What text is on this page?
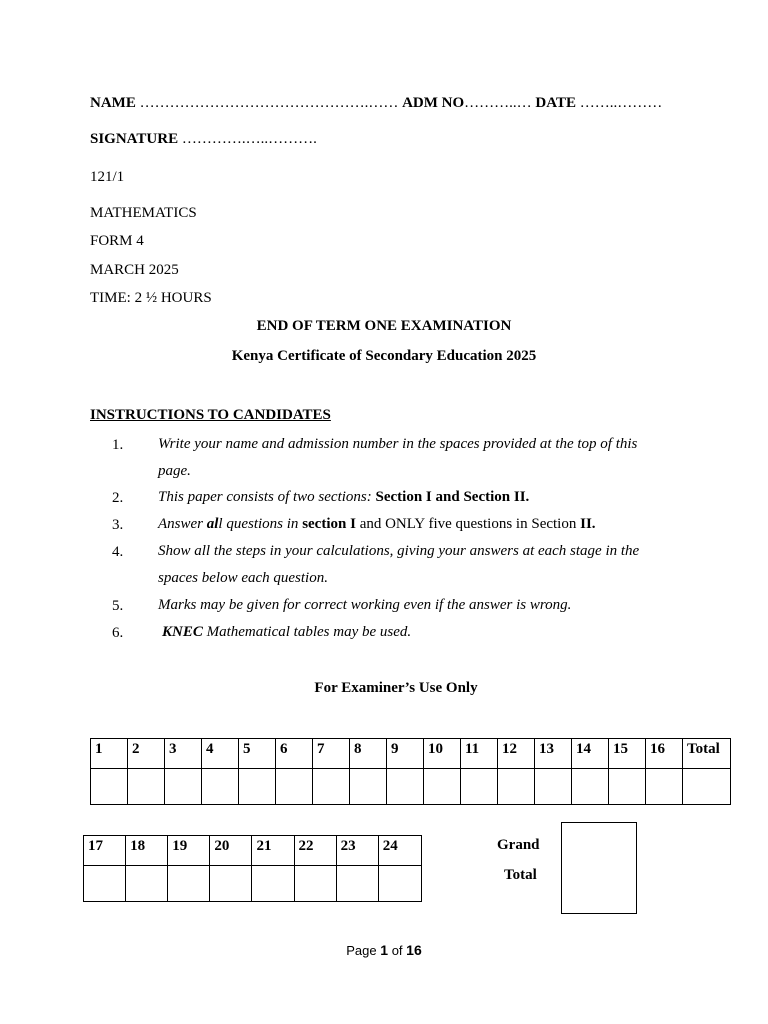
NAME ……………………………………….…… ADM NO………..… DATE ……..………
SIGNATURE ………….…..……….
121/1
MATHEMATICS
FORM 4
MARCH 2025
TIME: 2 ½ HOURS
END OF TERM ONE EXAMINATION
Kenya Certificate of Secondary Education 2025
INSTRUCTIONS TO CANDIDATES
1. Write your name and admission number in the spaces provided at the top of this page.
2. This paper consists of two sections: Section I and Section II.
3. Answer all questions in section I and ONLY five questions in Section II.
4. Show all the steps in your calculations, giving your answers at each stage in the spaces below each question.
5. Marks may be given for correct working even if the answer is wrong.
6.	KNEC Mathematical tables may be used.
For Examiner’s Use Only
1	2	3	4	5	6	7	8	9	10	11	12	13	14	15	16	Total

17	18	19	20	21	22	23	24
								Grand
Total
Page 1 of 16
